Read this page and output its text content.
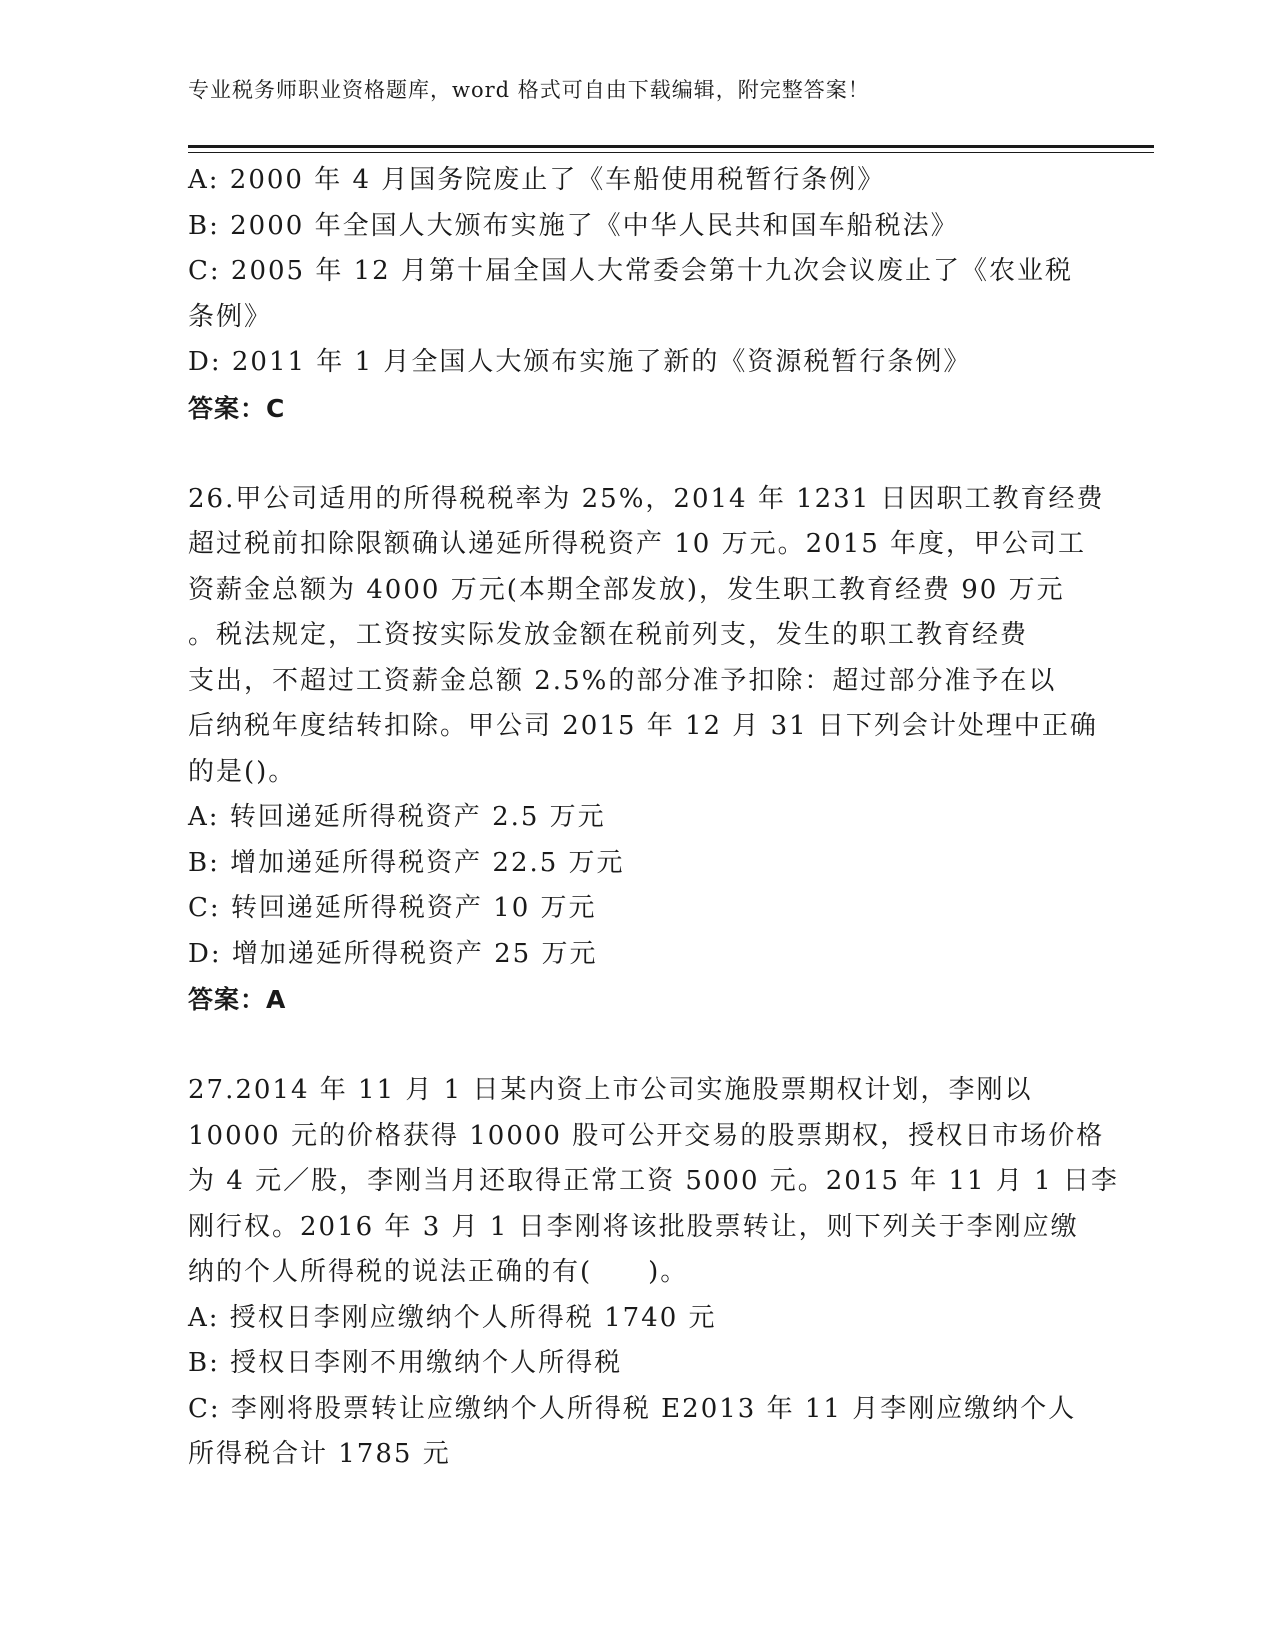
专业税务师职业资格题库，word 格式可自由下载编辑，附完整答案！
A: 2000 年 4 月国务院废止了《车船使用税暂行条例》
B: 2000 年全国人大颁布实施了《中华人民共和国车船税法》
C: 2005 年 12 月第十届全国人大常委会第十九次会议废止了《农业税
条例》
D: 2011 年 1 月全国人大颁布实施了新的《资源税暂行条例》
答案：C
26.甲公司适用的所得税税率为 25%，2014 年 1231 日因职工教育经费
超过税前扣除限额确认递延所得税资产 10 万元。2015 年度，甲公司工
资薪金总额为 4000 万元(本期全部发放)，发生职工教育经费 90 万元
。税法规定，工资按实际发放金额在税前列支，发生的职工教育经费
支出，不超过工资薪金总额 2.5%的部分准予扣除：超过部分准予在以
后纳税年度结转扣除。甲公司 2015 年 12 月 31 日下列会计处理中正确
的是()。
A: 转回递延所得税资产 2.5 万元
B: 增加递延所得税资产 22.5 万元
C: 转回递延所得税资产 10 万元
D: 增加递延所得税资产 25 万元
答案：A
27.2014 年 11 月 1 日某内资上市公司实施股票期权计划，李刚以
10000 元的价格获得 10000 股可公开交易的股票期权，授权日市场价格
为 4 元／股，李刚当月还取得正常工资 5000 元。2015 年 11 月 1 日李
刚行权。2016 年 3 月 1 日李刚将该批股票转让，则下列关于李刚应缴
纳的个人所得税的说法正确的有(　　)。
A: 授权日李刚应缴纳个人所得税 1740 元
B: 授权日李刚不用缴纳个人所得税
C: 李刚将股票转让应缴纳个人所得税 E2013 年 11 月李刚应缴纳个人
所得税合计 1785 元
